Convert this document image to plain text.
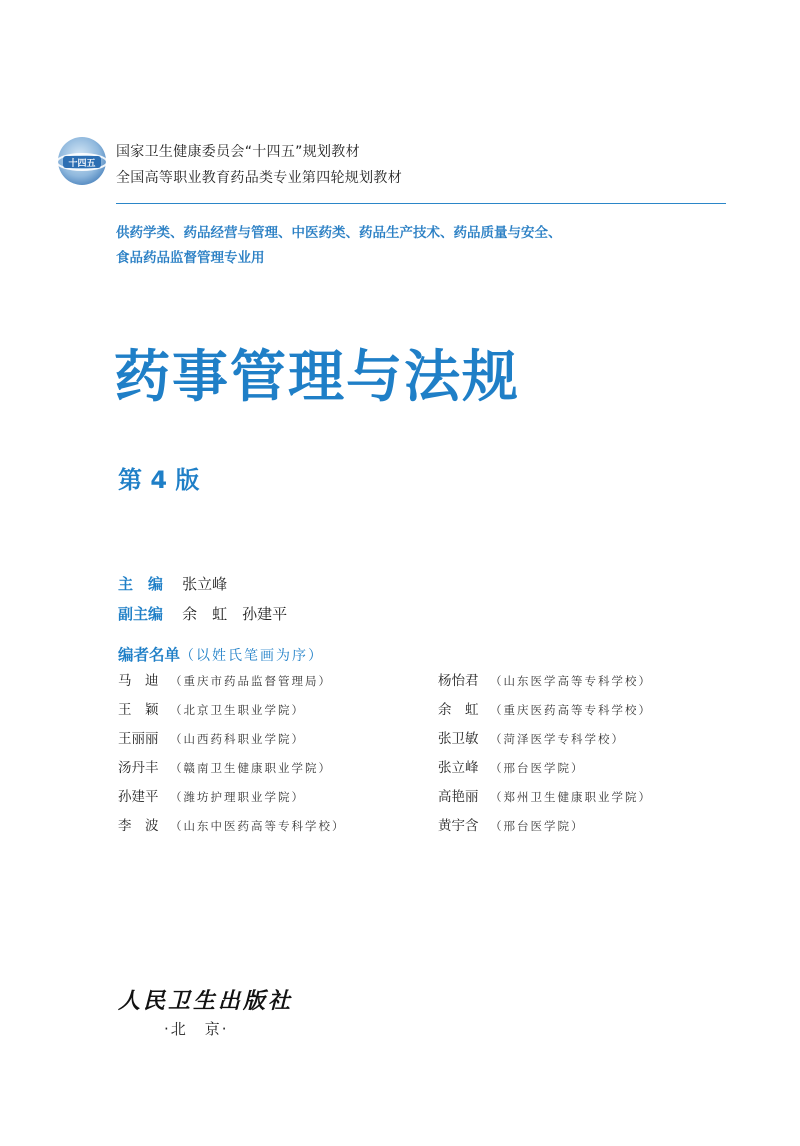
十四五
国家卫生健康委员会“十四五”规划教材
全国高等职业教育药品类专业第四轮规划教材
供药学类、药品经营与管理、中医药类、药品生产技术、药品质量与安全、
食品药品监督管理专业用
药事管理与法规
第 4 版
主　编 张立峰
副主编 余　虹　孙建平
编者名单（以姓氏笔画为序）
马　迪 （重庆市药品监督管理局）
王　颖 （北京卫生职业学院）
王丽丽 （山西药科职业学院）
汤丹丰 （赣南卫生健康职业学院）
孙建平 （潍坊护理职业学院）
李　波 （山东中医药高等专科学校）
杨怡君 （山东医学高等专科学校）
余　虹 （重庆医药高等专科学校）
张卫敏 （菏泽医学专科学校）
张立峰 （邢台医学院）
高艳丽 （郑州卫生健康职业学院）
黄宇含 （邢台医学院）
人民卫生出版社
·北　京·
